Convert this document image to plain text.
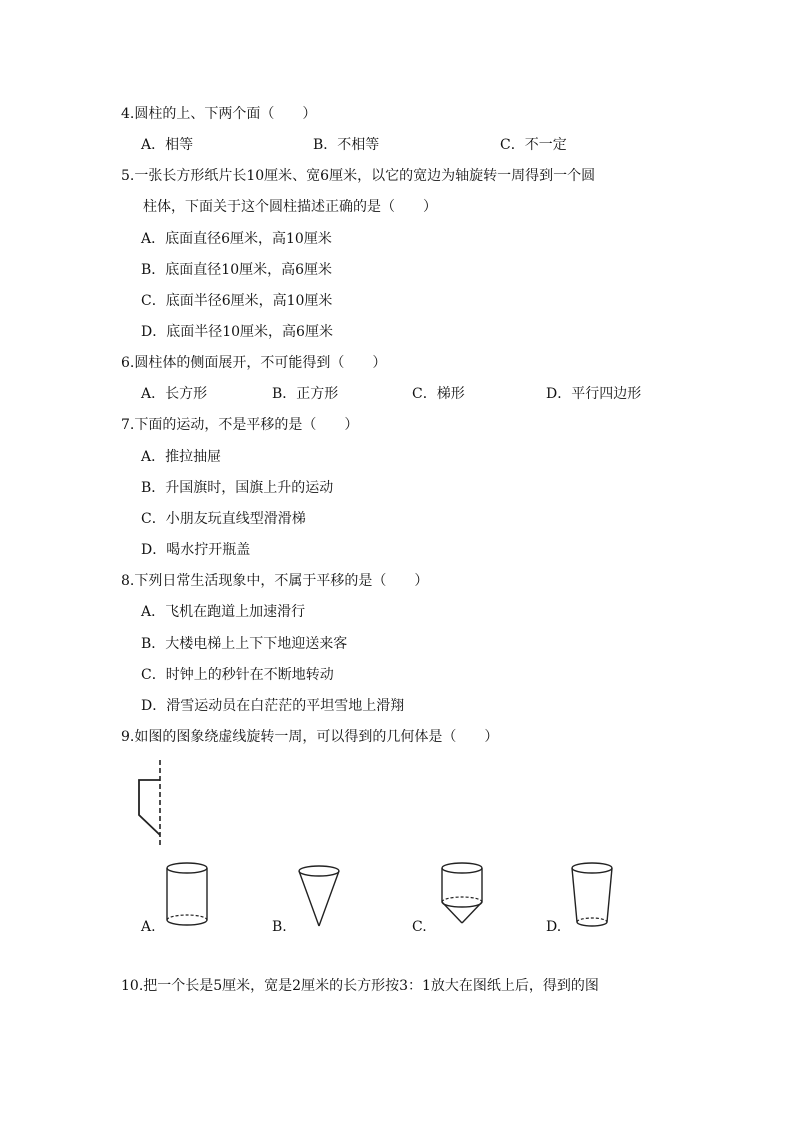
4.圆柱的上、下两个面（　　）
A．相等	B．不相等	C．不一定
5.一张长方形纸片长10厘米、宽6厘米，以它的宽边为轴旋转一周得到一个圆
柱体，下面关于这个圆柱描述正确的是（　　）
A．底面直径6厘米，高10厘米
B．底面直径10厘米，高6厘米
C．底面半径6厘米，高10厘米
D．底面半径10厘米，高6厘米
6.圆柱体的侧面展开，不可能得到（　　）
A．长方形	B．正方形	C．梯形	D．平行四边形
7.下面的运动，不是平移的是（　　）
A．推拉抽屉
B．升国旗时，国旗上升的运动
C．小朋友玩直线型滑滑梯
D．喝水拧开瓶盖
8.下列日常生活现象中，不属于平移的是（　　）
A．飞机在跑道上加速滑行
B．大楼电梯上上下下地迎送来客
C．时钟上的秒针在不断地转动
D．滑雪运动员在白茫茫的平坦雪地上滑翔
9.如图的图象绕虚线旋转一周，可以得到的几何体是（　　）
A.	B.	C.	D.
10.把一个长是5厘米，宽是2厘米的长方形按3：1放大在图纸上后，得到的图
